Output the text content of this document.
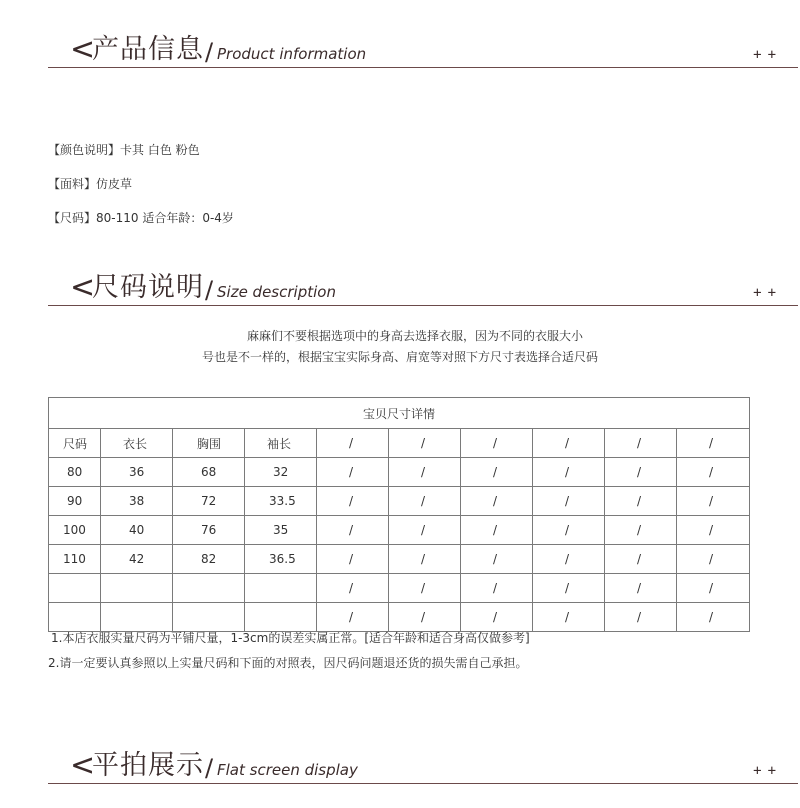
<
产品信息 / Product information	++
【颜色说明】卡其 白色 粉色
【面料】仿皮草
【尺码】80-110 适合年龄：0-4岁
<
尺码说明 / Size description	++
麻麻们不要根据选项中的身高去选择衣服，因为不同的衣服大小
号也是不一样的，根据宝宝实际身高、肩宽等对照下方尺寸表选择合适尺码
宝贝尺寸详情									
尺码	衣长	胸围	袖长	/	/	/	/	/	/
80	36	68	32	/	/	/	/	/	/
90	38	72	33.5	/	/	/	/	/	/
100	40	76	35	/	/	/	/	/	/
110	42	82	36.5	/	/	/	/	/	/
				/	/	/	/	/	/
				/	/	/	/	/	/
1.本店衣服实量尺码为平铺尺量，1-3cm的误差实属正常。[适合年龄和适合身高仅做参考]
2.请一定要认真参照以上实量尺码和下面的对照表，因尺码问题退还货的损失需自己承担。
<
平拍展示 / Flat screen display	++
